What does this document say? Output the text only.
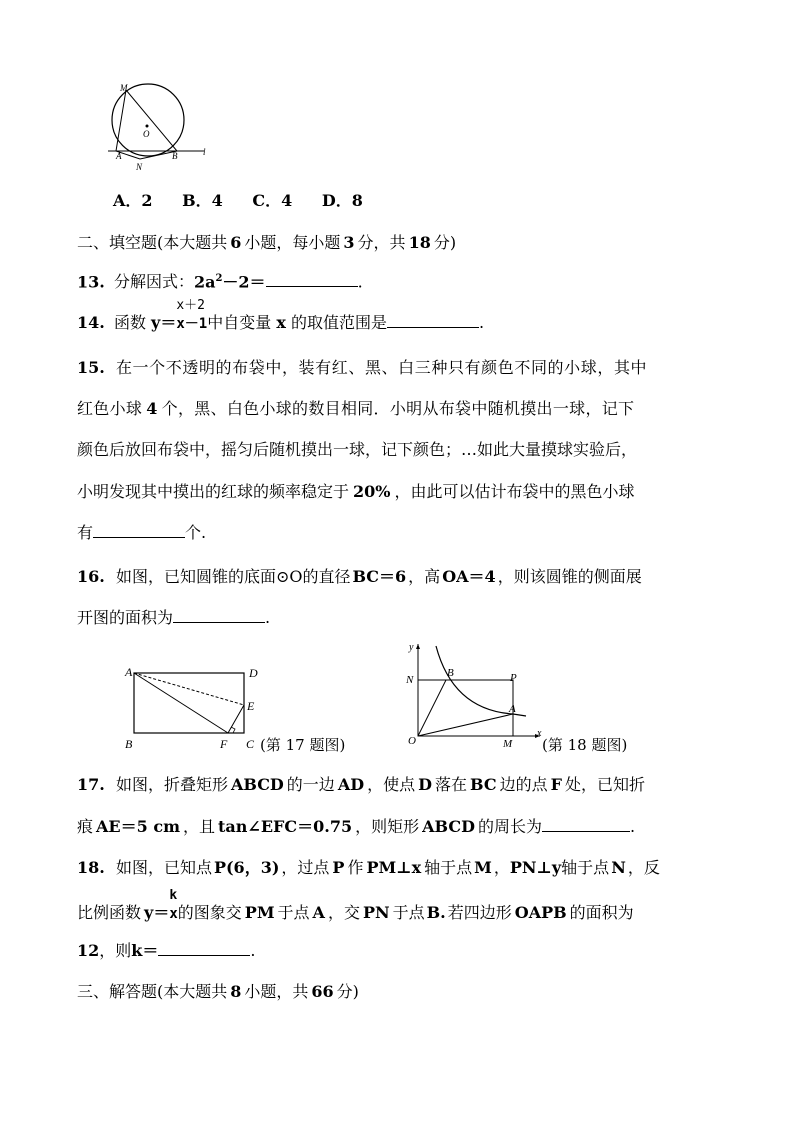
M
O
A
N
B	l
A．2 B．4 C．4 D．8
二、填空题(本大题共 6 小题，每小题 3 分，共 18 分)
13. 分解因式：$2a^2-2=$	.
14. 函数 y＝
x＋2
x－1中自变量 x 的取值范围是	.
15. 在一个不透明的布袋中，装有红、黑、白三种只有颜色不同的小球，其中
红色小球 4 个，黑、白色小球的数目相同．小明从布袋中随机摸出一球，记下
颜色后放回布袋中，摇匀后随机摸出一球，记下颜色；…如此大量摸球实验后，
小明发现其中摸出的红球的频率稳定于 20% ，由此可以估计布袋中的黑色小球
有	个.
16. 如图，已知圆锥的底面⊙O的直径 BC＝6 ，高 OA＝4 ，则该圆锥的侧面展
开图的面积为	.
A	D
E
B	F C (第 17 题图)
y
x
B
N	P
A
O	M (第 18 题图)
17. 如图，折叠矩形 ABCD 的一边 AD ，使点 D 落在 BC 边的点 F 处，已知折
痕 AE＝5 cm ，且 tan∠EFC＝0.75 ，则矩形 ABCD 的周长为	.
18. 如图，已知点 P(6，3) ，过点 P 作 PM⊥x 轴于点 M ，PN⊥y轴于点 N ，反
比例函数 y＝
k
x的图象交 PM 于点 A ，交 PN 于点 B. 若四边形 OAPB 的面积为
12，则k＝	.
三、解答题(本大题共 8 小题，共 66 分)
